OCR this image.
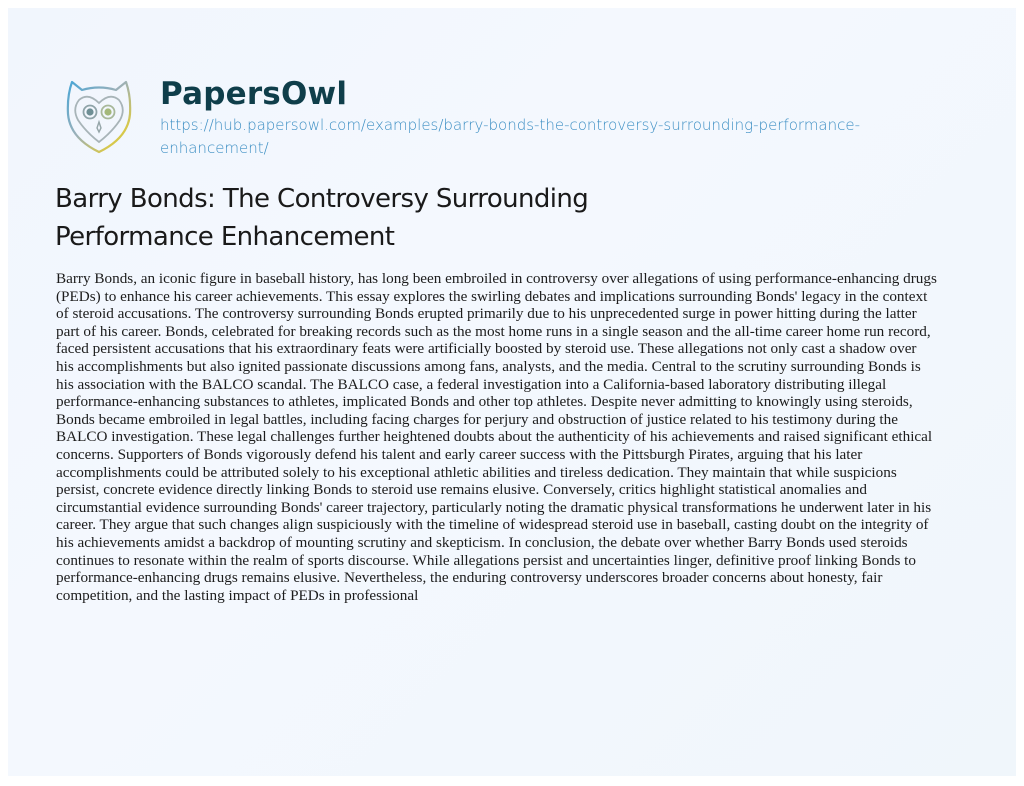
PapersOwl
https://hub.papersowl.com/examples/barry-bonds-the-controversy-surrounding-performance-
enhancement/
Barry Bonds: The Controversy Surrounding
Performance Enhancement
Barry Bonds, an iconic figure in baseball history, has long been embroiled in controversy over allegations of using performance-enhancing drugs
(PEDs) to enhance his career achievements. This essay explores the swirling debates and implications surrounding Bonds' legacy in the context
of steroid accusations. The controversy surrounding Bonds erupted primarily due to his unprecedented surge in power hitting during the latter
part of his career. Bonds, celebrated for breaking records such as the most home runs in a single season and the all-time career home run record,
faced persistent accusations that his extraordinary feats were artificially boosted by steroid use. These allegations not only cast a shadow over
his accomplishments but also ignited passionate discussions among fans, analysts, and the media. Central to the scrutiny surrounding Bonds is
his association with the BALCO scandal. The BALCO case, a federal investigation into a California-based laboratory distributing illegal
performance-enhancing substances to athletes, implicated Bonds and other top athletes. Despite never admitting to knowingly using steroids,
Bonds became embroiled in legal battles, including facing charges for perjury and obstruction of justice related to his testimony during the
BALCO investigation. These legal challenges further heightened doubts about the authenticity of his achievements and raised significant ethical
concerns. Supporters of Bonds vigorously defend his talent and early career success with the Pittsburgh Pirates, arguing that his later
accomplishments could be attributed solely to his exceptional athletic abilities and tireless dedication. They maintain that while suspicions
persist, concrete evidence directly linking Bonds to steroid use remains elusive. Conversely, critics highlight statistical anomalies and
circumstantial evidence surrounding Bonds' career trajectory, particularly noting the dramatic physical transformations he underwent later in his
career. They argue that such changes align suspiciously with the timeline of widespread steroid use in baseball, casting doubt on the integrity of
his achievements amidst a backdrop of mounting scrutiny and skepticism. In conclusion, the debate over whether Barry Bonds used steroids
continues to resonate within the realm of sports discourse. While allegations persist and uncertainties linger, definitive proof linking Bonds to
performance-enhancing drugs remains elusive. Nevertheless, the enduring controversy underscores broader concerns about honesty, fair
competition, and the lasting impact of PEDs in professional
